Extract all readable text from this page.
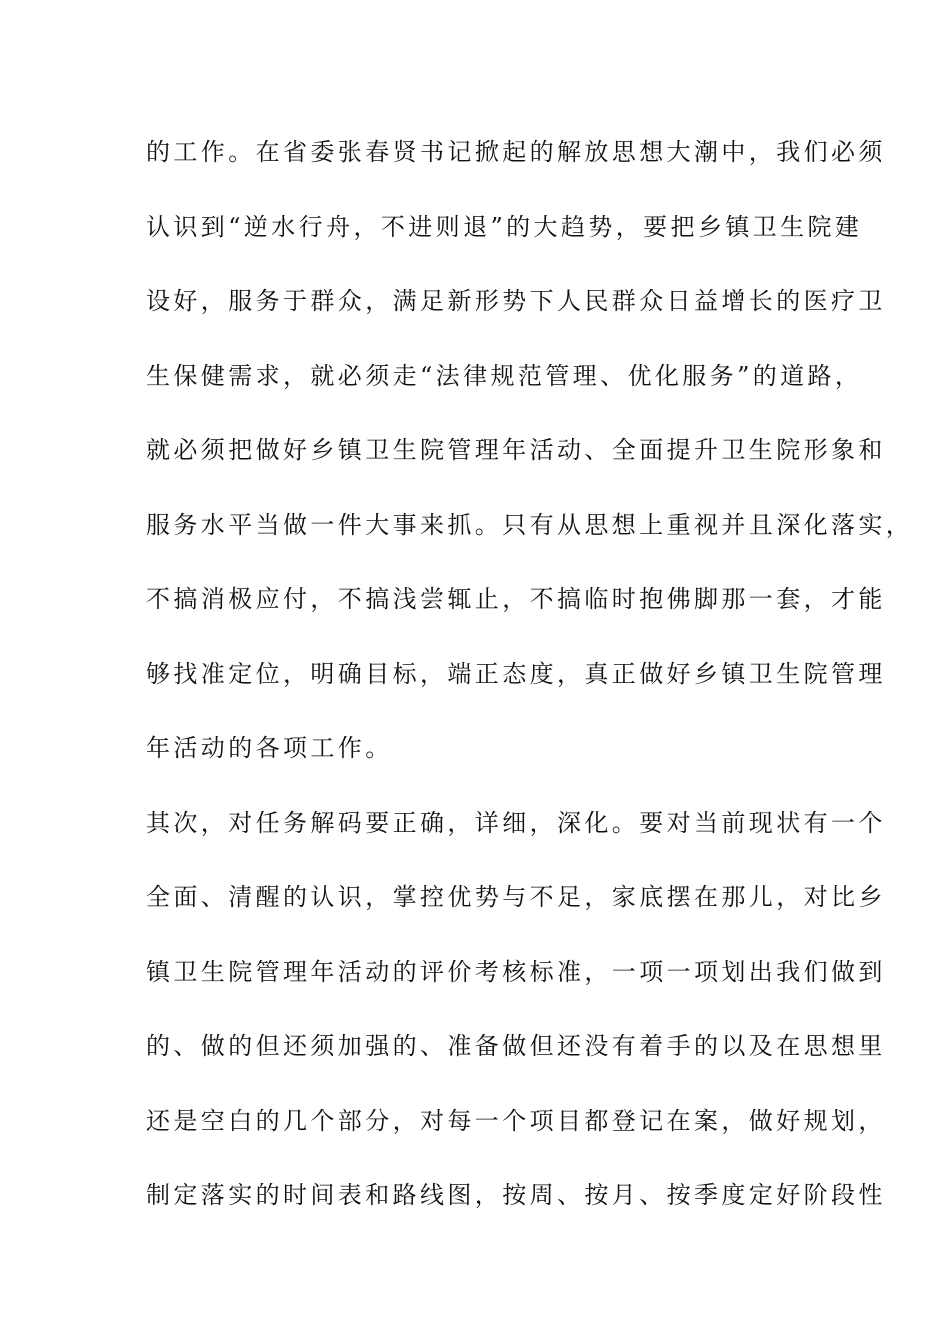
的工作。在省委张春贤书记掀起的解放思想大潮中，我们必须
认识到“逆水行舟，不进则退”的大趋势，要把乡镇卫生院建
设好，服务于群众，满足新形势下人民群众日益增长的医疗卫
生保健需求，就必须走“法律规范管理、优化服务”的道路，
就必须把做好乡镇卫生院管理年活动、全面提升卫生院形象和
服务水平当做一件大事来抓。只有从思想上重视并且深化落实，
不搞消极应付，不搞浅尝辄止，不搞临时抱佛脚那一套，才能
够找准定位，明确目标，端正态度，真正做好乡镇卫生院管理
年活动的各项工作。
其次，对任务解码要正确，详细，深化。要对当前现状有一个
全面、清醒的认识，掌控优势与不足，家底摆在那儿，对比乡
镇卫生院管理年活动的评价考核标准，一项一项划出我们做到
的、做的但还须加强的、准备做但还没有着手的以及在思想里
还是空白的几个部分，对每一个项目都登记在案，做好规划，
制定落实的时间表和路线图，按周、按月、按季度定好阶段性
